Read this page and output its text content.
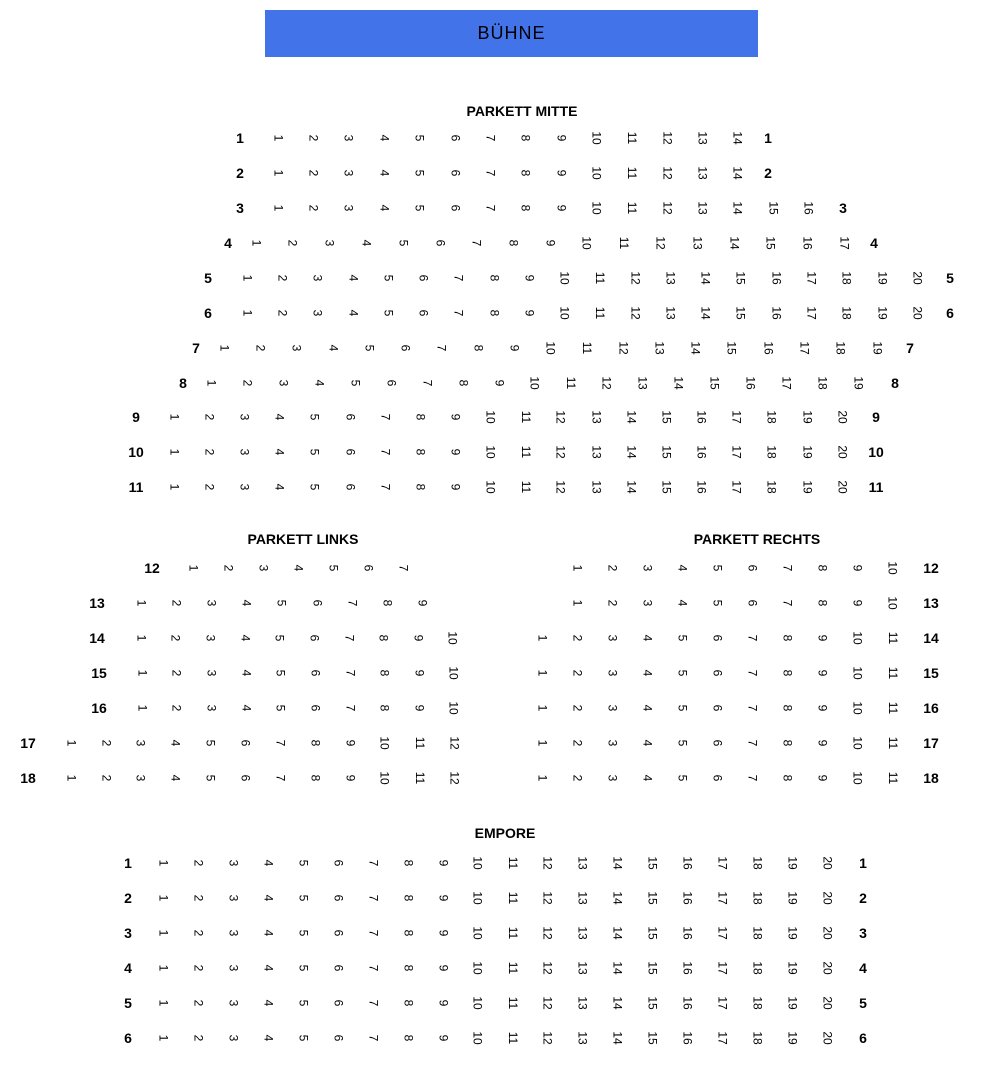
BÜHNE
PARKETT MITTE
1	1
1 2 3 4 5 6 7 8 9 10 11 12 13 14
2	2
1 2 3 4 5 6 7 8 9 10 11 12 13 14
3	3
1 2 3 4 5 6 7 8 9 10 11 12 13 14 15 16
4	4
1 2 3 4 5 6 7 8 9 10 11 12 13 14 15 16 17
5	5
1 2 3 4 5 6 7 8 9 10 11 12 13 14 15 16 17 18 19 20
6	6
1 2 3 4 5 6 7 8 9 10 11 12 13 14 15 16 17 18 19 20
7	7
1 2 3 4 5 6 7 8 9 10 11 12 13 14 15 16 17 18 19
8	8
1 2 3 4 5 6 7 8 9 10 11 12 13 14 15 16 17 18 19
9	9
1 2 3 4 5 6 7 8 9 10 11 12 13 14 15 16 17 18 19 20
10	10
1 2 3 4 5 6 7 8 9 10 11 12 13 14 15 16 17 18 19 20
11	11
1 2 3 4 5 6 7 8 9 10 11 12 13 14 15 16 17 18 19 20
PARKETT LINKS
12 1 2 3 4 5 6 7
13 1 2 3 4 5 6 7 8 9
14 1 2 3 4 5 6 7 8 9 10
15 1 2 3 4 5 6 7 8 9 10
16 1 2 3 4 5 6 7 8 9 10
17 1 2 3 4 5 6 7 8 9 10 11 12
18 1 2 3 4 5 6 7 8 9 10 11 12
PARKETT RECHTS
12
1 2 3 4 5 6 7 8 9 10
13
1 2 3 4 5 6 7 8 9 10
14
1 2 3 4 5 6 7 8 9 10 11
15
1 2 3 4 5 6 7 8 9 10 11
16
1 2 3 4 5 6 7 8 9 10 11
17
1 2 3 4 5 6 7 8 9 10 11
18
1 2 3 4 5 6 7 8 9 10 11
EMPORE
1	1
1 2 3 4 5 6 7 8 9 10 11 12 13 14 15 16 17 18 19 20
2	2
1 2 3 4 5 6 7 8 9 10 11 12 13 14 15 16 17 18 19 20
3	3
1 2 3 4 5 6 7 8 9 10 11 12 13 14 15 16 17 18 19 20
4	4
1 2 3 4 5 6 7 8 9 10 11 12 13 14 15 16 17 18 19 20
5	5
1 2 3 4 5 6 7 8 9 10 11 12 13 14 15 16 17 18 19 20
6	6
1 2 3 4 5 6 7 8 9 10 11 12 13 14 15 16 17 18 19 20
